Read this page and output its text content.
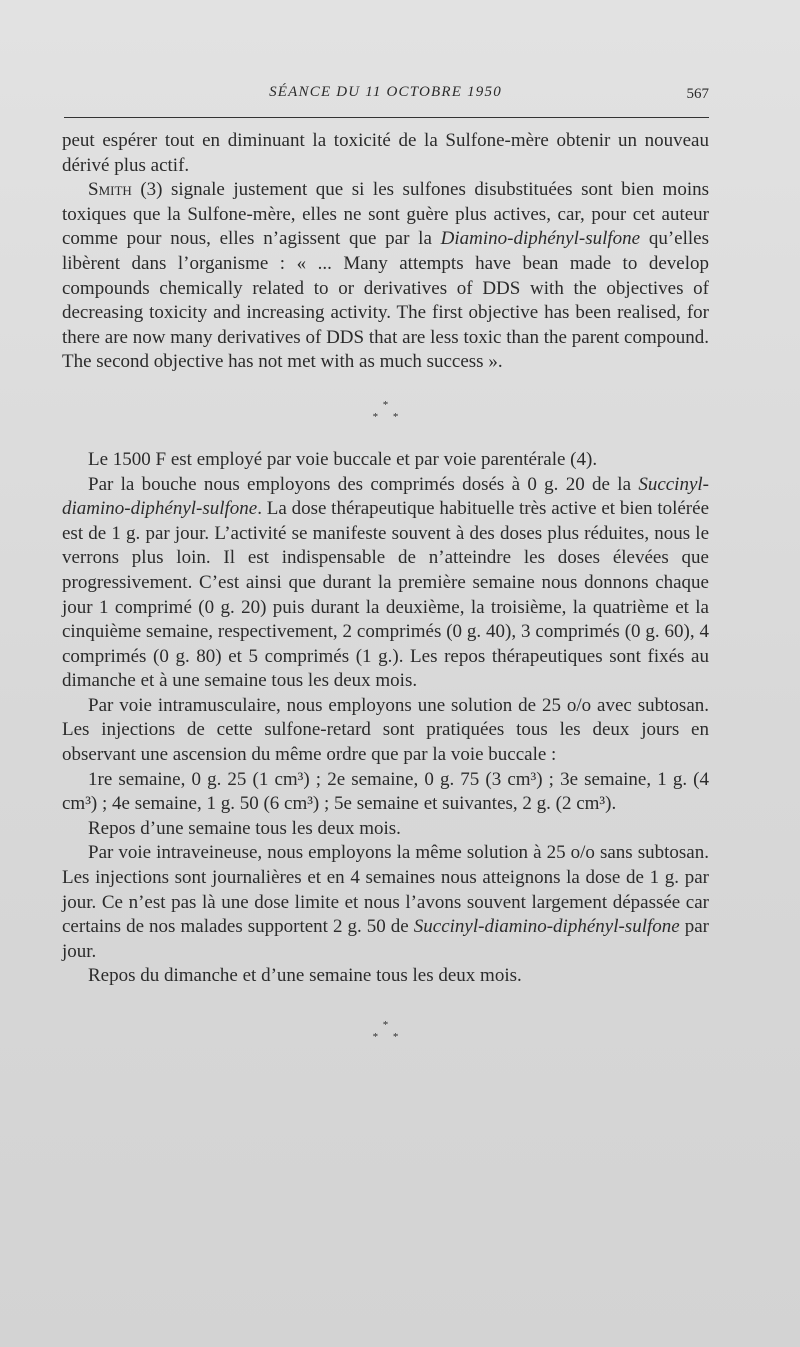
SÉANCE DU 11 OCTOBRE 1950	567

peut espérer tout en diminuant la toxicité de la Sulfone-mère obtenir un nouveau dérivé plus actif.

Smith (3) signale justement que si les sulfones disubstituées sont bien moins toxiques que la Sulfone-mère, elles ne sont guère plus actives, car, pour cet auteur comme pour nous, elles n’agissent que par la Diamino-diphényl-sulfone qu’elles libèrent dans l’organisme : « ... Many attempts have bean made to develop compounds chemically related to or derivatives of DDS with the objectives of decreasing toxicity and increasing activity. The first objective has been realised, for there are now many derivatives of DDS that are less toxic than the parent compound. The second objective has not met with as much success ».

*
* *

Le 1500 F est employé par voie buccale et par voie parentérale (4).

Par la bouche nous employons des comprimés dosés à 0 g. 20 de la Succinyl-diamino-diphényl-sulfone. La dose thérapeutique habituelle très active et bien tolérée est de 1 g. par jour. L’activité se manifeste souvent à des doses plus réduites, nous le verrons plus loin. Il est indispensable de n’atteindre les doses élevées que progressivement. C’est ainsi que durant la première semaine nous donnons chaque jour 1 comprimé (0 g. 20) puis durant la deuxième, la troisième, la quatrième et la cinquième semaine, respectivement, 2 comprimés (0 g. 40), 3 comprimés (0 g. 60), 4 comprimés (0 g. 80) et 5 comprimés (1 g.). Les repos thérapeutiques sont fixés au dimanche et à une semaine tous les deux mois.

Par voie intramusculaire, nous employons une solution de 25 o/o avec subtosan. Les injections de cette sulfone-retard sont pratiquées tous les deux jours en observant une ascension du même ordre que par la voie buccale :

1re semaine, 0 g. 25 (1 cm³) ; 2e semaine, 0 g. 75 (3 cm³) ; 3e semaine, 1 g. (4 cm³) ; 4e semaine, 1 g. 50 (6 cm³) ; 5e semaine et suivantes, 2 g. (2 cm³).

Repos d’une semaine tous les deux mois.

Par voie intraveineuse, nous employons la même solution à 25 o/o sans subtosan. Les injections sont journalières et en 4 semaines nous atteignons la dose de 1 g. par jour. Ce n’est pas là une dose limite et nous l’avons souvent largement dépassée car certains de nos malades supportent 2 g. 50 de Succinyl-diamino-diphényl-sulfone par jour.

Repos du dimanche et d’une semaine tous les deux mois.

*
* *
